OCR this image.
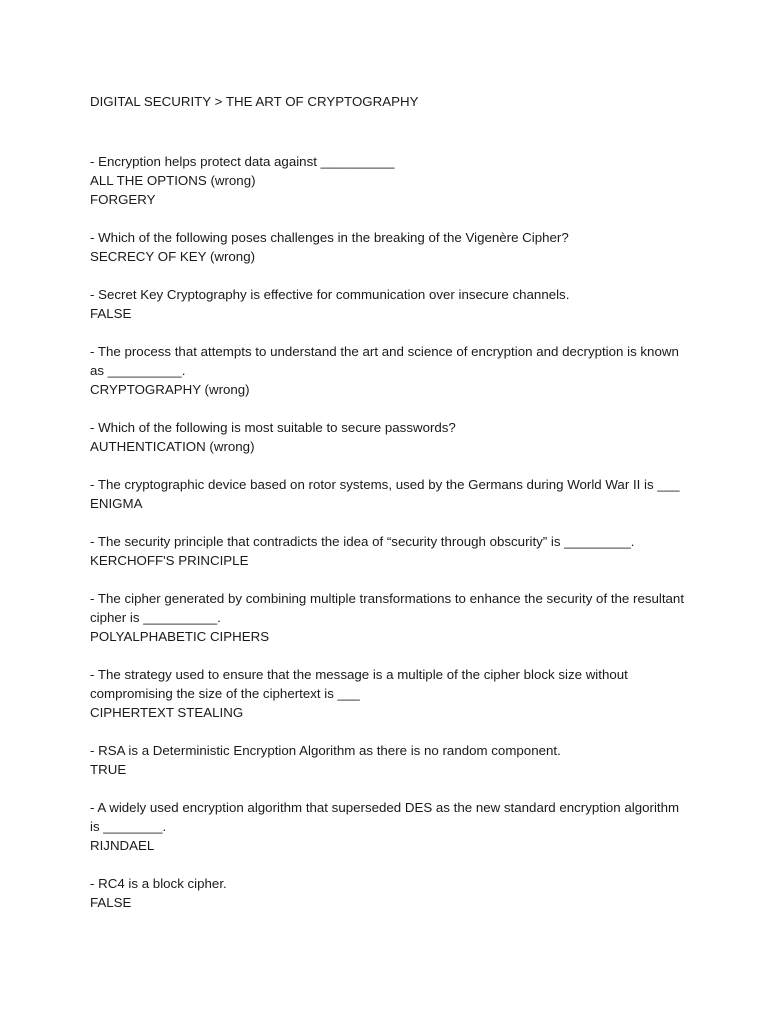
DIGITAL SECURITY > THE ART OF CRYPTOGRAPHY
- Encryption helps protect data against __________
ALL THE OPTIONS (wrong)
FORGERY
- Which of the following poses challenges in the breaking of the Vigenère Cipher?
SECRECY OF KEY (wrong)
- Secret Key Cryptography is effective for communication over insecure channels.
FALSE
- The process that attempts to understand the art and science of encryption and decryption is known as __________.
CRYPTOGRAPHY (wrong)
- Which of the following is most suitable to secure passwords?
AUTHENTICATION (wrong)
- The cryptographic device based on rotor systems, used by the Germans during World War II is ___
ENIGMA
- The security principle that contradicts the idea of “security through obscurity” is _________.
KERCHOFF'S PRINCIPLE
- The cipher generated by combining multiple transformations to enhance the security of the resultant cipher is __________.
POLYALPHABETIC CIPHERS
- The strategy used to ensure that the message is a multiple of the cipher block size without compromising the size of the ciphertext is ___
CIPHERTEXT STEALING
- RSA is a Deterministic Encryption Algorithm as there is no random component.
TRUE
- A widely used encryption algorithm that superseded DES as the new standard encryption algorithm is ________.
RIJNDAEL
- RC4 is a block cipher.
FALSE
